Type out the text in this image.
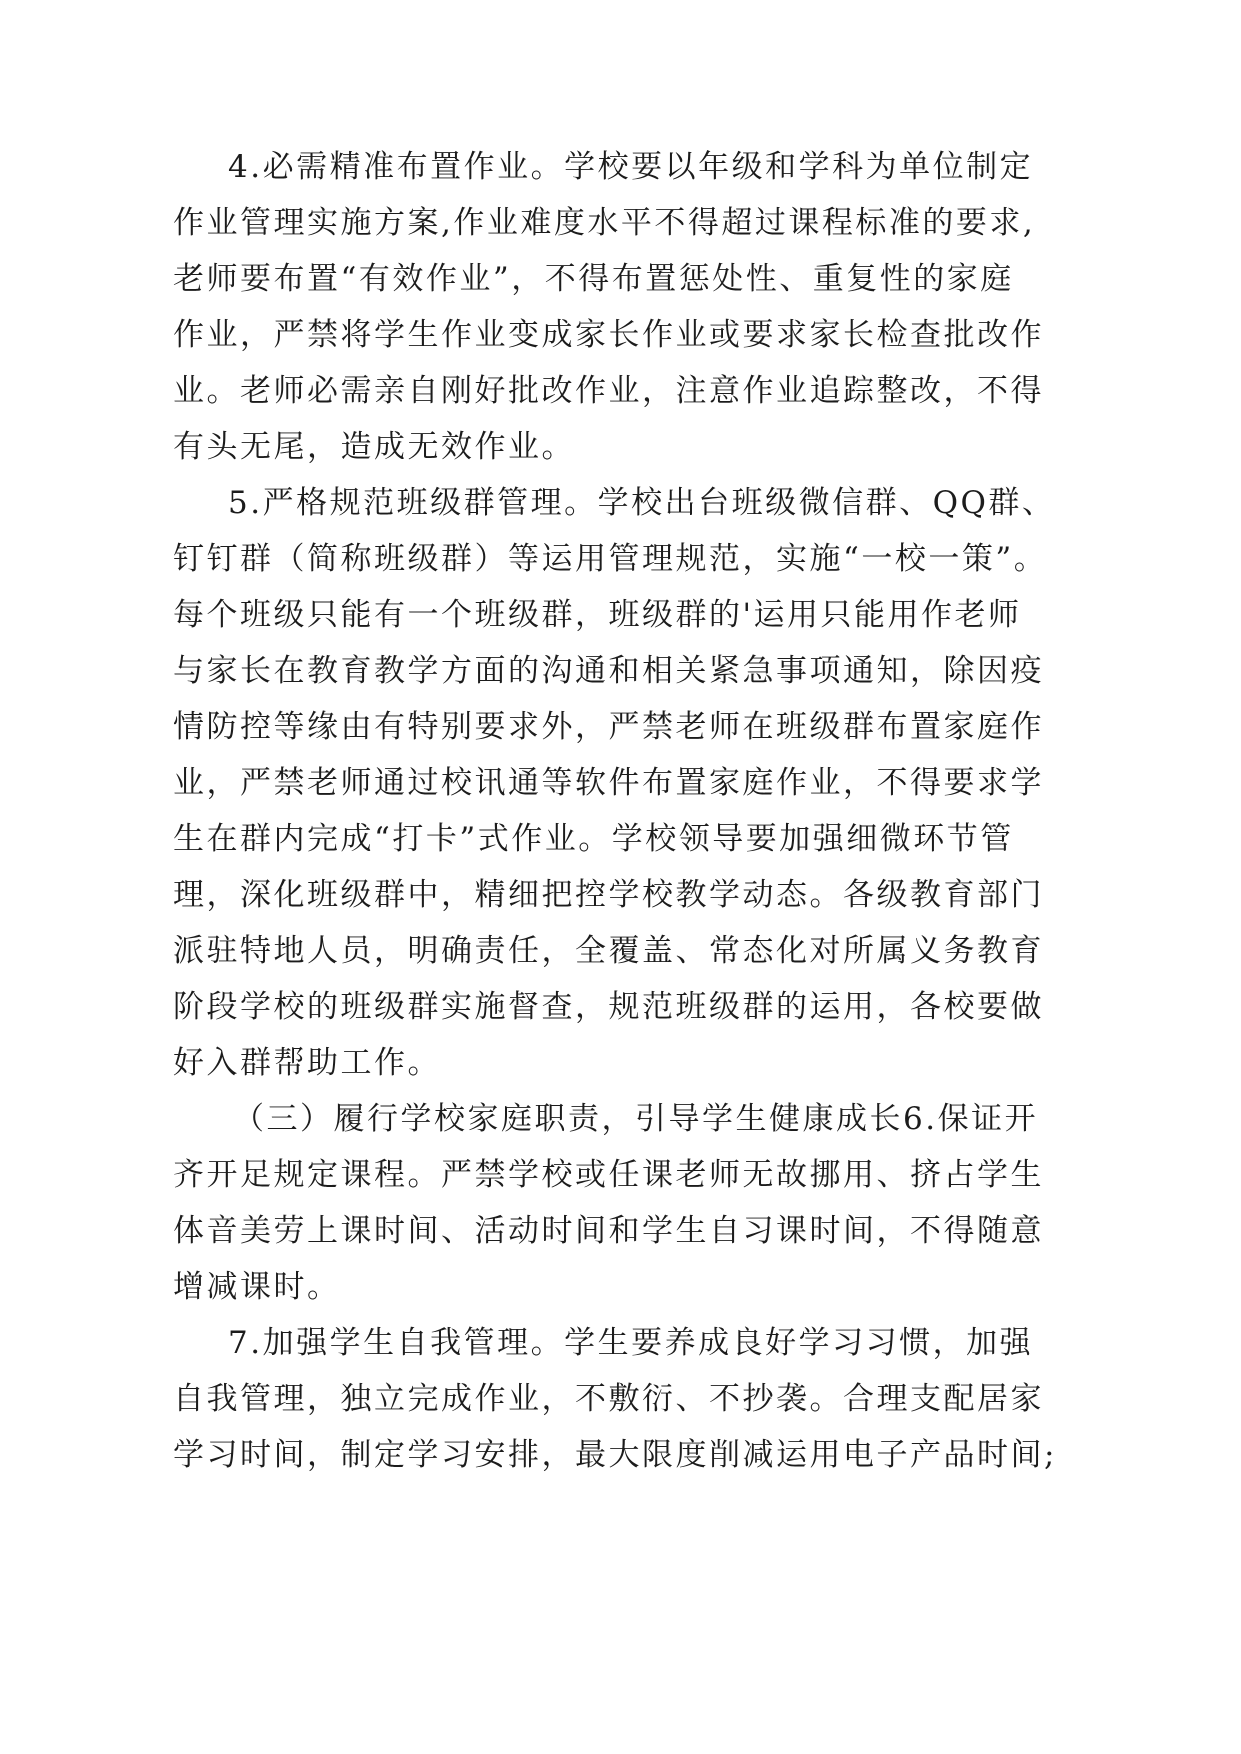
4.必需精准布置作业。学校要以年级和学科为单位制定
作业管理实施方案,作业难度水平不得超过课程标准的要求,
老师要布置“有效作业”，不得布置惩处性、重复性的家庭
作业，严禁将学生作业变成家长作业或要求家长检查批改作
业。老师必需亲自刚好批改作业，注意作业追踪整改，不得
有头无尾，造成无效作业。
5.严格规范班级群管理。学校出台班级微信群、QQ群、
钉钉群（简称班级群）等运用管理规范，实施“一校一策”。
每个班级只能有一个班级群，班级群的'运用只能用作老师
与家长在教育教学方面的沟通和相关紧急事项通知，除因疫
情防控等缘由有特别要求外，严禁老师在班级群布置家庭作
业，严禁老师通过校讯通等软件布置家庭作业，不得要求学
生在群内完成“打卡”式作业。学校领导要加强细微环节管
理，深化班级群中，精细把控学校教学动态。各级教育部门
派驻特地人员，明确责任，全覆盖、常态化对所属义务教育
阶段学校的班级群实施督查，规范班级群的运用，各校要做
好入群帮助工作。
（三）履行学校家庭职责，引导学生健康成长6.保证开
齐开足规定课程。严禁学校或任课老师无故挪用、挤占学生
体音美劳上课时间、活动时间和学生自习课时间，不得随意
增减课时。
7.加强学生自我管理。学生要养成良好学习习惯，加强
自我管理，独立完成作业，不敷衍、不抄袭。合理支配居家
学习时间，制定学习安排，最大限度削减运用电子产品时间;
